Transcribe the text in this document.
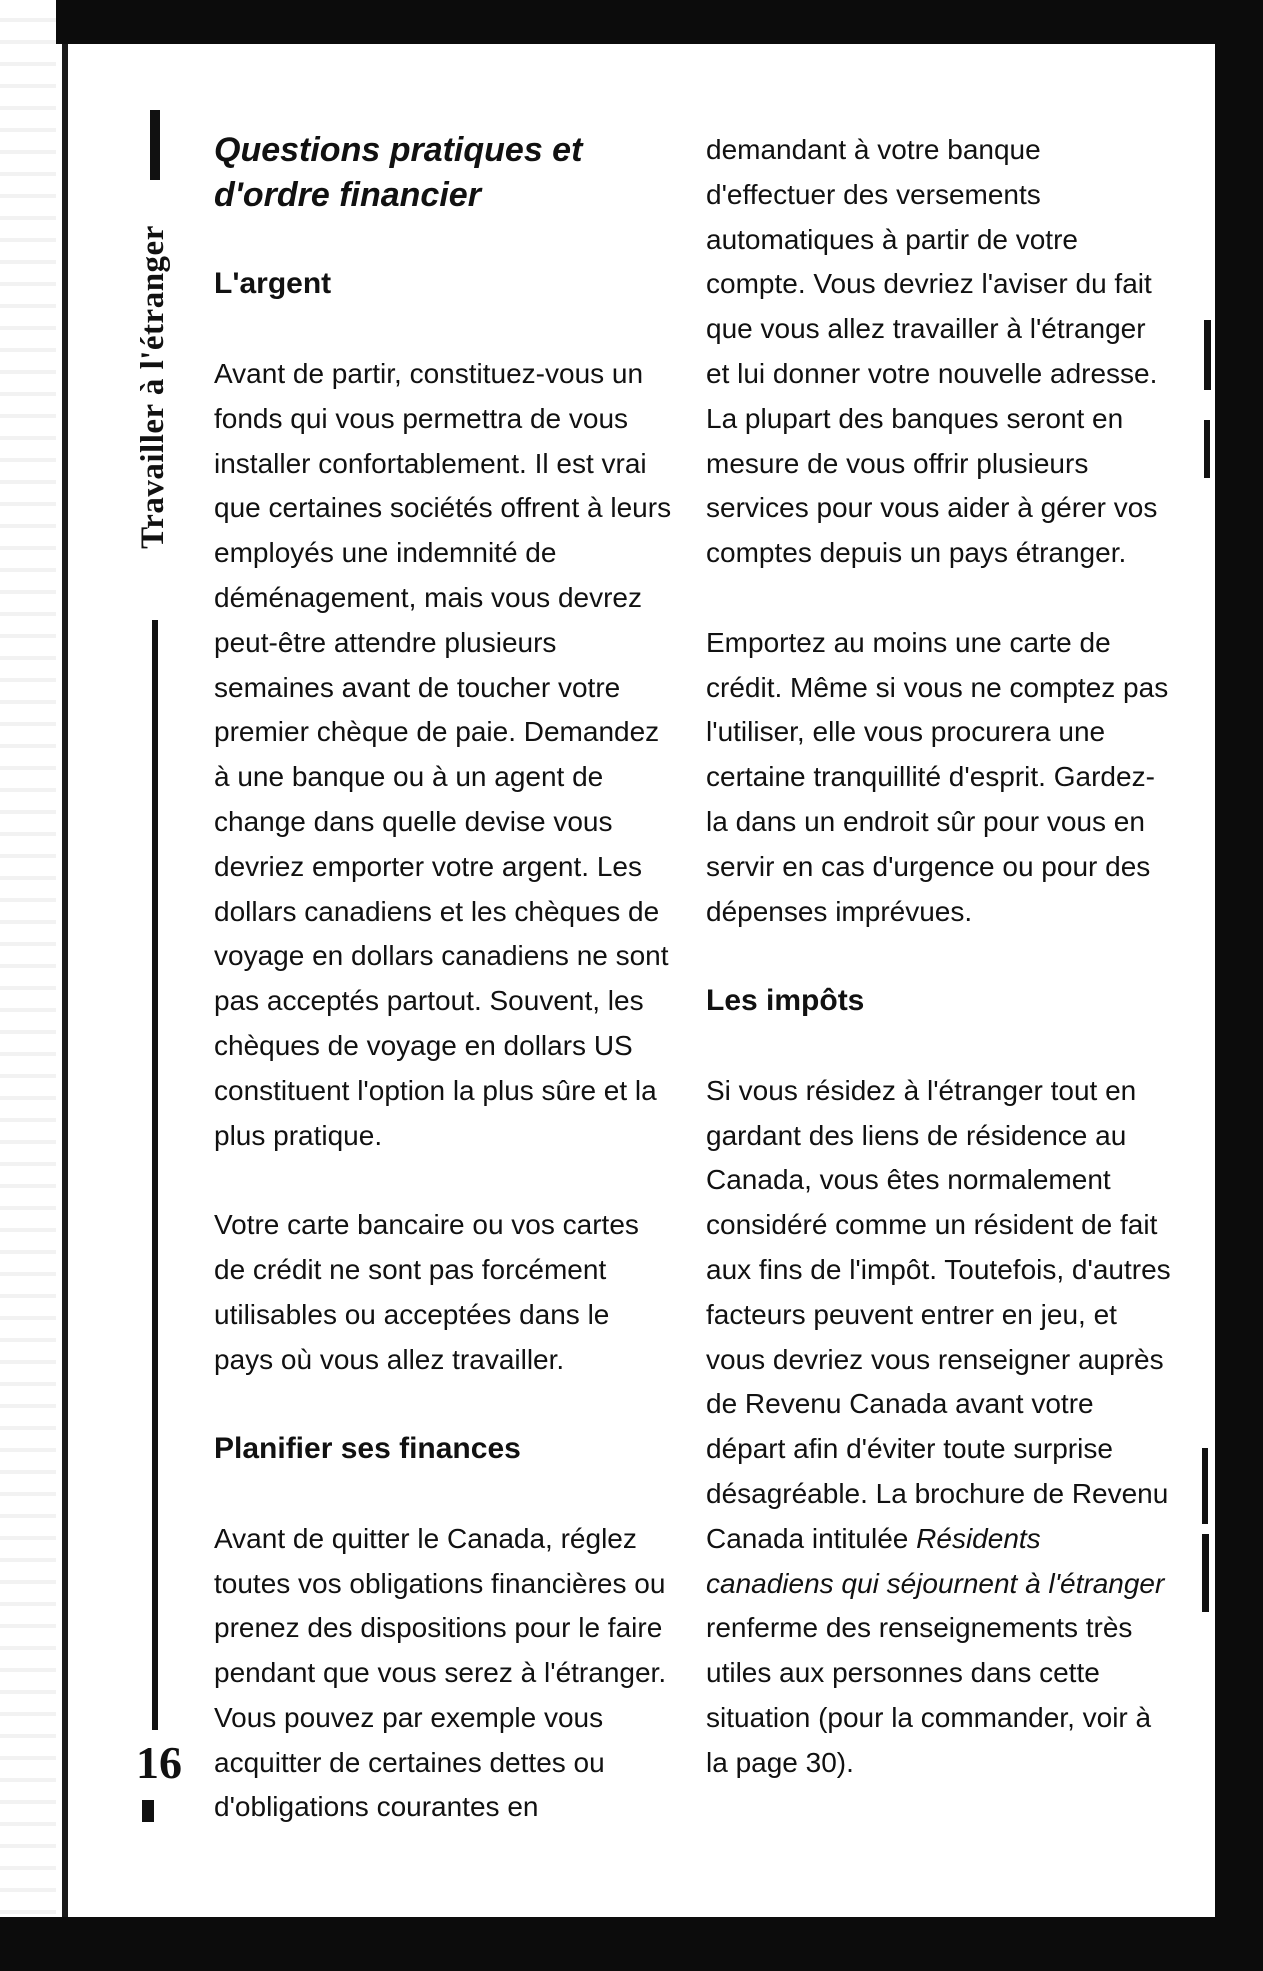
Travailler à l'étranger
16
Questions pratiques et d'ordre financier
L'argent

Avant de partir, constituez-vous un fonds qui vous permettra de vous installer confortablement. Il est vrai que certaines sociétés offrent à leurs employés une indemnité de déménagement, mais vous devrez peut-être attendre plusieurs semaines avant de toucher votre premier chèque de paie. Demandez à une banque ou à un agent de change dans quelle devise vous devriez emporter votre argent. Les dollars canadiens et les chèques de voyage en dollars canadiens ne sont pas acceptés partout. Souvent, les chèques de voyage en dollars US constituent l'option la plus sûre et la plus pratique.

Votre carte bancaire ou vos cartes de crédit ne sont pas forcément utilisables ou acceptées dans le pays où vous allez travailler.

Planifier ses finances

Avant de quitter le Canada, réglez toutes vos obligations financières ou prenez des dispositions pour le faire pendant que vous serez à l'étranger. Vous pouvez par exemple vous acquitter de certaines dettes ou d'obligations courantes en

demandant à votre banque d'effectuer des versements automatiques à partir de votre compte. Vous devriez l'aviser du fait que vous allez travailler à l'étranger et lui donner votre nouvelle adresse. La plupart des banques seront en mesure de vous offrir plusieurs services pour vous aider à gérer vos comptes depuis un pays étranger.

Emportez au moins une carte de crédit. Même si vous ne comptez pas l'utiliser, elle vous procurera une certaine tranquillité d'esprit. Gardez-la dans un endroit sûr pour vous en servir en cas d'urgence ou pour des dépenses imprévues.

Les impôts

Si vous résidez à l'étranger tout en gardant des liens de résidence au Canada, vous êtes normalement considéré comme un résident de fait aux fins de l'impôt. Toutefois, d'autres facteurs peuvent entrer en jeu, et vous devriez vous renseigner auprès de Revenu Canada avant votre départ afin d'éviter toute surprise désagréable. La brochure de Revenu Canada intitulée Résidents canadiens qui séjournent à l'étranger renferme des renseignements très utiles aux personnes dans cette situation (pour la commander, voir à la page 30).
